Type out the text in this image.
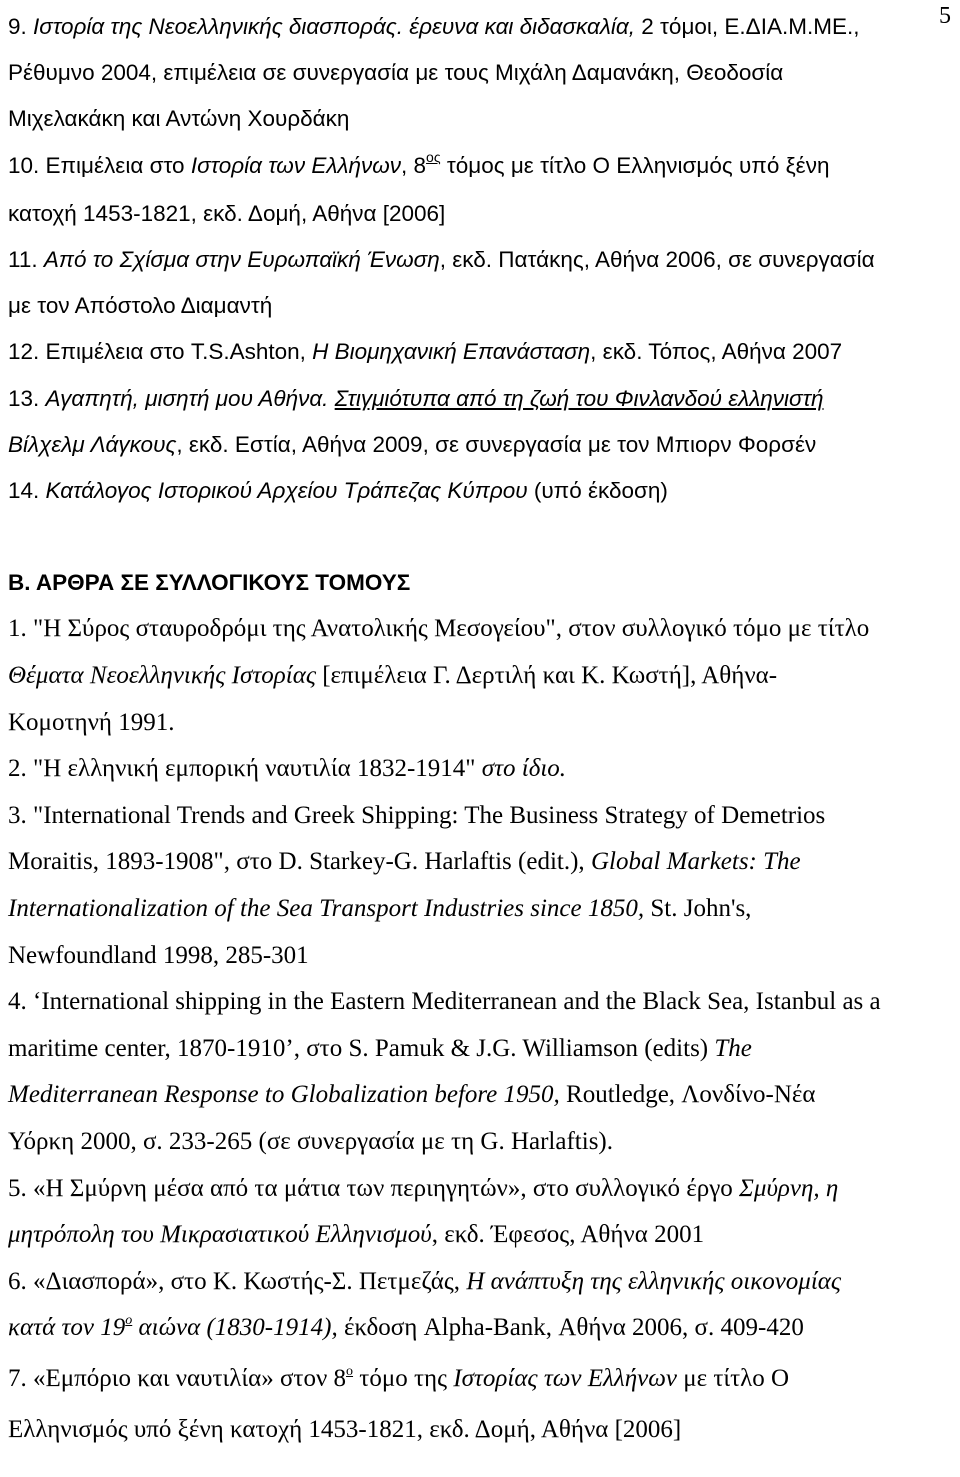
5
9. Ιστορία της Νεοελληνικής διασποράς. έρευνα και διδασκαλία, 2 τόμοι, Ε.ΔΙΑ.Μ.ΜΕ.,
Ρέθυμνο 2004, επιμέλεια σε συνεργασία με τους Μιχάλη Δαμανάκη, Θεοδοσία
Μιχελακάκη και Αντώνη Χουρδάκη
10. Επιμέλεια στο Ιστορία των Ελλήνων, $8^{o\varsigma}$ τόμος με τίτλο Ο Ελληνισμός υπό ξένη
κατοχή 1453-1821, εκδ. Δομή, Αθήνα [2006]
11. Από το Σχίσμα στην Ευρωπαϊκή Ένωση, εκδ. Πατάκης, Αθήνα 2006, σε συνεργασία
με τον Απόστολο Διαμαντή
12. Επιμέλεια στο T.S.Ashton, Η Βιομηχανική Επανάσταση, εκδ. Τόπος, Αθήνα 2007
13. Αγαπητή, μισητή μου Αθήνα. Στιγμιότυπα από τη ζωή του Φινλανδού ελληνιστή
Βίλχελμ Λάγκους, εκδ. Εστία, Αθήνα 2009, σε συνεργασία με τον Μπιορν Φορσέν
14. Κατάλογος Ιστορικού Αρχείου Τράπεζας Κύπρου (υπό έκδοση)
Β. ΑΡΘΡΑ ΣΕ ΣΥΛΛΟΓΙΚΟΥΣ ΤΟΜΟΥΣ
1. "Η Σύρος σταυροδρόμι της Ανατολικής Μεσογείου", στον συλλογικό τόμο με τίτλο
Θέματα Νεοελληνικής Ιστορίας [επιμέλεια Γ. Δερτιλή και Κ. Κωστή], Αθήνα-
Κομοτηνή 1991.
2. "Η ελληνική εμπορική ναυτιλία 1832-1914" στο ίδιο.
3. "International Trends and Greek Shipping: The Business Strategy of Demetrios
Moraitis, 1893-1908", στο D. Starkey-G. Harlaftis (edit.), Global Markets: The
Internationalization of the Sea Transport Industries since 1850, St. John's,
Newfoundland 1998, 285-301
4. ‘International shipping in the Eastern Mediterranean and the Black Sea, Istanbul as a
maritime center, 1870-1910’, στο S. Pamuk & J.G. Williamson (edits) The
Mediterranean Response to Globalization before 1950, Routledge, Λονδίνο-Νέα
Υόρκη 2000, σ. 233-265 (σε συνεργασία με τη G. Harlaftis).
5. «Η Σμύρνη μέσα από τα μάτια των περιηγητών», στο συλλογικό έργο Σμύρνη, η
μητρόπολη του Μικρασιατικού Ελληνισμού, εκδ. Έφεσος, Αθήνα 2001
6. «Διασπορά», στο Κ. Κωστής-Σ. Πετμεζάς, Η ανάπτυξη της ελληνικής οικονομίας
κατά τον $19^o$ αιώνα (1830-1914), έκδοση Alpha-Bank, Αθήνα 2006, σ. 409-420
7. «Εμπόριο και ναυτιλία» στον $8^o$ τόμο της Ιστορίας των Ελλήνων με τίτλο Ο
Ελληνισμός υπό ξένη κατοχή 1453-1821, εκδ. Δομή, Αθήνα [2006]
